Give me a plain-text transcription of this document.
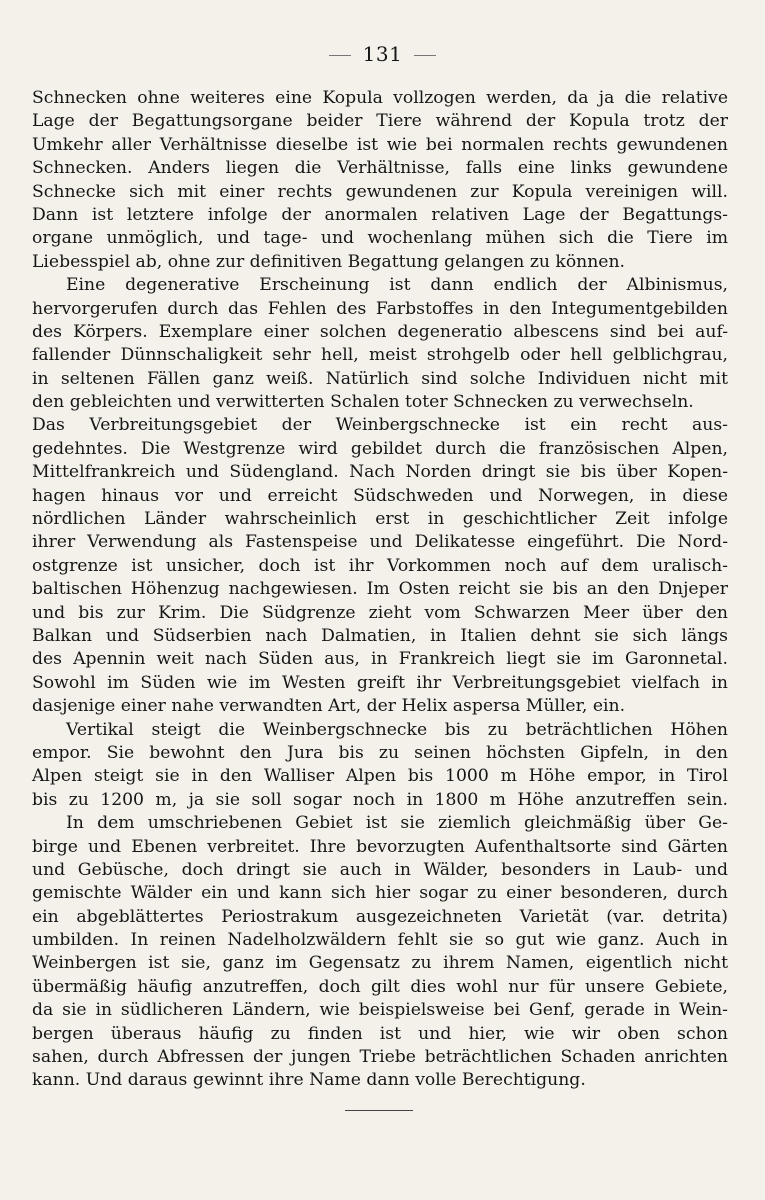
131
Schnecken ohne weiteres eine Kopula vollzogen werden, da ja die relative
Lage der Begattungsorgane beider Tiere während der Kopula trotz der
Umkehr aller Verhältnisse dieselbe ist wie bei normalen rechts gewundenen
Schnecken. Anders liegen die Verhältnisse, falls eine links gewundene
Schnecke sich mit einer rechts gewundenen zur Kopula vereinigen will.
Dann ist letztere infolge der anormalen relativen Lage der Begattungs-
organe unmöglich, und tage- und wochenlang mühen sich die Tiere im
Liebesspiel ab, ohne zur definitiven Begattung gelangen zu können.
Eine degenerative Erscheinung ist dann endlich der Albinismus,
hervorgerufen durch das Fehlen des Farbstoffes in den Integumentgebilden
des Körpers. Exemplare einer solchen degeneratio albescens sind bei auf-
fallender Dünnschaligkeit sehr hell, meist strohgelb oder hell gelblichgrau,
in seltenen Fällen ganz weiß. Natürlich sind solche Individuen nicht mit
den gebleichten und verwitterten Schalen toter Schnecken zu verwechseln.
Das Verbreitungsgebiet der Weinbergschnecke ist ein recht aus-
gedehntes. Die Westgrenze wird gebildet durch die französischen Alpen,
Mittelfrankreich und Südengland. Nach Norden dringt sie bis über Kopen-
hagen hinaus vor und erreicht Südschweden und Norwegen, in diese
nördlichen Länder wahrscheinlich erst in geschichtlicher Zeit infolge
ihrer Verwendung als Fastenspeise und Delikatesse eingeführt. Die Nord-
ostgrenze ist unsicher, doch ist ihr Vorkommen noch auf dem uralisch-
baltischen Höhenzug nachgewiesen. Im Osten reicht sie bis an den Dnjeper
und bis zur Krim. Die Südgrenze zieht vom Schwarzen Meer über den
Balkan und Südserbien nach Dalmatien, in Italien dehnt sie sich längs
des Apennin weit nach Süden aus, in Frankreich liegt sie im Garonnetal.
Sowohl im Süden wie im Westen greift ihr Verbreitungsgebiet vielfach in
dasjenige einer nahe verwandten Art, der Helix aspersa Müller, ein.
Vertikal steigt die Weinbergschnecke bis zu beträchtlichen Höhen
empor. Sie bewohnt den Jura bis zu seinen höchsten Gipfeln, in den
Alpen steigt sie in den Walliser Alpen bis 1000 m Höhe empor, in Tirol
bis zu 1200 m, ja sie soll sogar noch in 1800 m Höhe anzutreffen sein.
In dem umschriebenen Gebiet ist sie ziemlich gleichmäßig über Ge-
birge und Ebenen verbreitet. Ihre bevorzugten Aufenthaltsorte sind Gärten
und Gebüsche, doch dringt sie auch in Wälder, besonders in Laub- und
gemischte Wälder ein und kann sich hier sogar zu einer besonderen, durch
ein abgeblättertes Periostrakum ausgezeichneten Varietät (var. detrita)
umbilden. In reinen Nadelholzwäldern fehlt sie so gut wie ganz. Auch in
Weinbergen ist sie, ganz im Gegensatz zu ihrem Namen, eigentlich nicht
übermäßig häufig anzutreffen, doch gilt dies wohl nur für unsere Gebiete,
da sie in südlicheren Ländern, wie beispielsweise bei Genf, gerade in Wein-
bergen überaus häufig zu finden ist und hier, wie wir oben schon
sahen, durch Abfressen der jungen Triebe beträchtlichen Schaden anrichten
kann. Und daraus gewinnt ihre Name dann volle Berechtigung.
